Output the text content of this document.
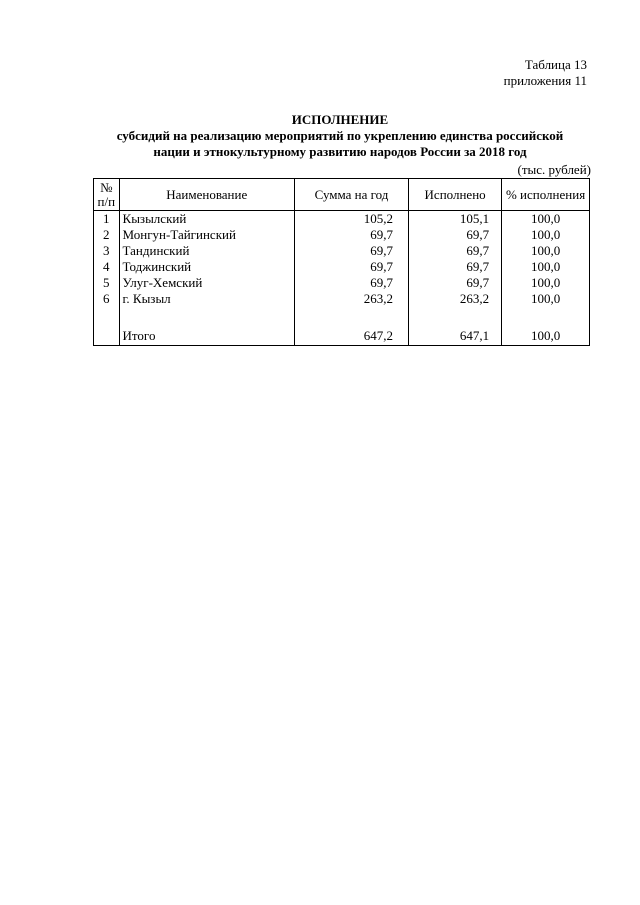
Таблица 13
приложения 11
ИСПОЛНЕНИЕ
субсидий на реализацию мероприятий по укреплению единства российской
нации и этнокультурному развитию народов России за 2018 год
(тыс. рублей)
№ п/п	Наименование	Сумма на год	Исполнено	% исполнения
1	Кызылский	105,2	105,1	100,0
2	Монгун-Тайгинский	69,7	69,7	100,0
3	Тандинский	69,7	69,7	100,0
4	Тоджинский	69,7	69,7	100,0
5	Улуг-Хемский	69,7	69,7	100,0
6	г. Кызыл	263,2	263,2	100,0

	Итого	647,2	647,1	100,0
